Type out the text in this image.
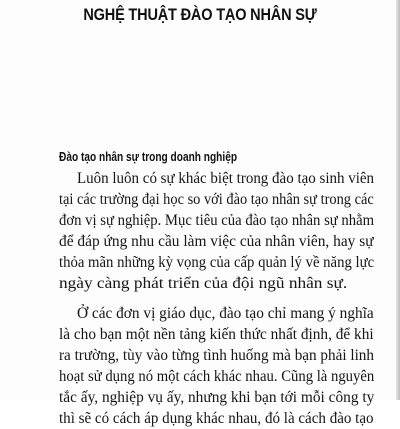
NGHỆ THUẬT ĐÀO TẠO NHÂN SỰ
Đào tạo nhân sự trong doanh nghiệp
Luôn luôn có sự khác biệt trong đào tạo sinh viên
tại các trường đại học so với đào tạo nhân sự trong các
đơn vị sự nghiệp. Mục tiêu của đào tạo nhân sự nhằm
để đáp ứng nhu cầu làm việc của nhân viên, hay sự
thỏa mãn những kỳ vọng của cấp quản lý về năng lực
ngày càng phát triển của đội ngũ nhân sự.
Ở các đơn vị giáo dục, đào tạo chỉ mang ý nghĩa
là cho bạn một nền tảng kiến thức nhất định, để khi
ra trường, tùy vào từng tình huống mà bạn phải linh
hoạt sử dụng nó một cách khác nhau. Cũng là nguyên
tắc ấy, nghiệp vụ ấy, nhưng khi bạn tới mỗi công ty
thì sẽ có cách áp dụng khác nhau, đó là cách đào tạo
